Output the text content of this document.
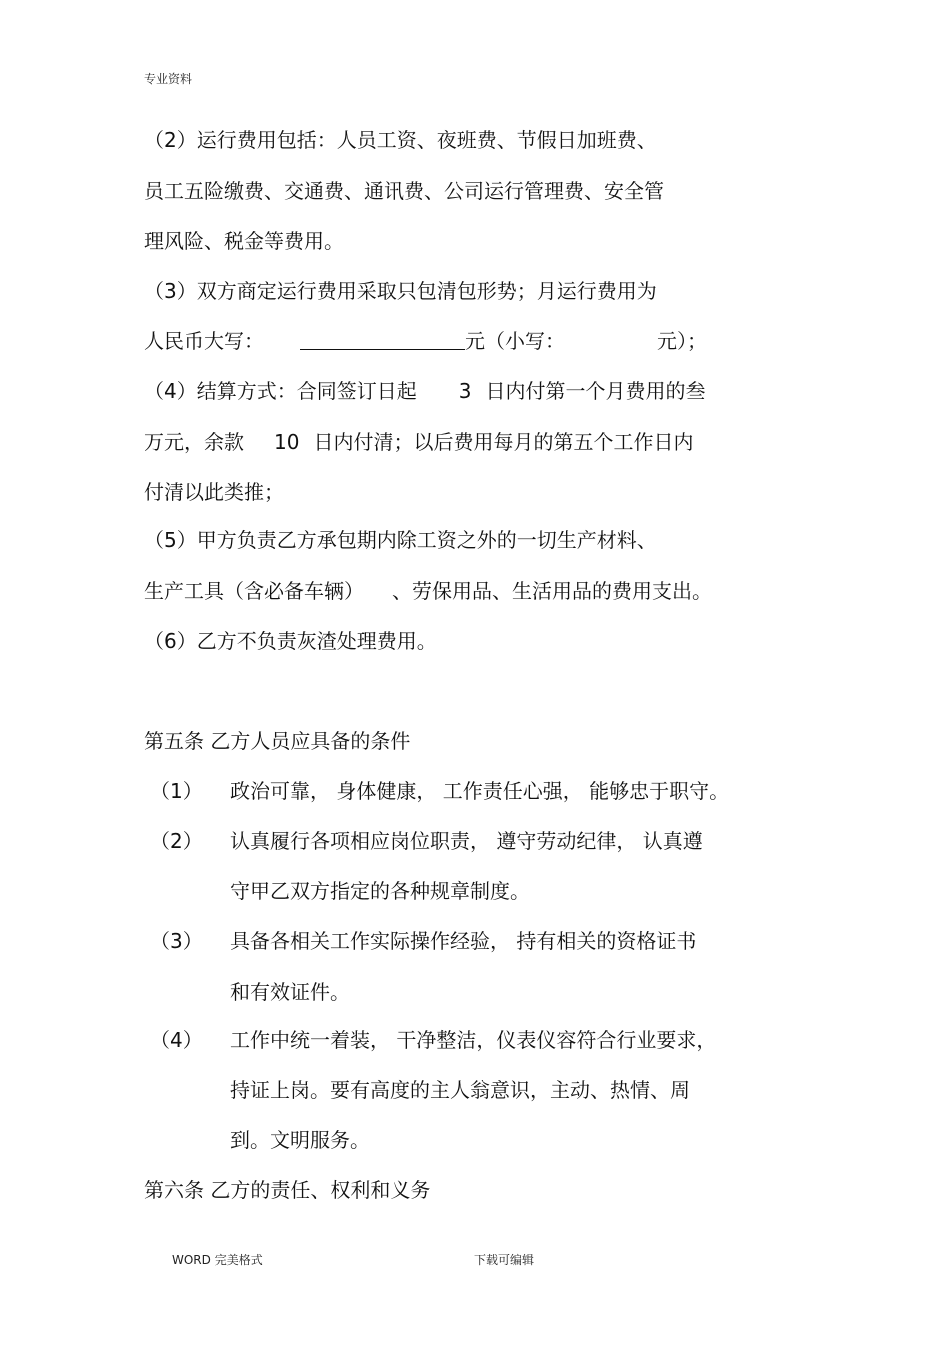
专业资料
（2）运行费用包括：人员工资、夜班费、节假日加班费、
员工五险缴费、交通费、通讯费、公司运行管理费、安全管
理风险、税金等费用。
（3）双方商定运行费用采取只包清包形势；月运行费用为
人民币大写：	元（小写：	元）；
（4）结算方式：合同签订日起 3 日内付第一个月费用的叁
万元，余款 10 日内付清；以后费用每月的第五个工作日内
付清以此类推；
（5）甲方负责乙方承包期内除工资之外的一切生产材料、
生产工具（含必备车辆） 、劳保用品、生活用品的费用支出。
（6）乙方不负责灰渣处理费用。
第五条 乙方人员应具备的条件
（1） 政治可靠， 身体健康， 工作责任心强， 能够忠于职守。
（2） 认真履行各项相应岗位职责， 遵守劳动纪律， 认真遵
守甲乙双方指定的各种规章制度。
（3） 具备各相关工作实际操作经验， 持有相关的资格证书
和有效证件。
（4） 工作中统一着装， 干净整洁，仪表仪容符合行业要求，
持证上岗。要有高度的主人翁意识，主动、热情、周
到。文明服务。
第六条 乙方的责任、权利和义务
WORD 完美格式	下载可编辑
